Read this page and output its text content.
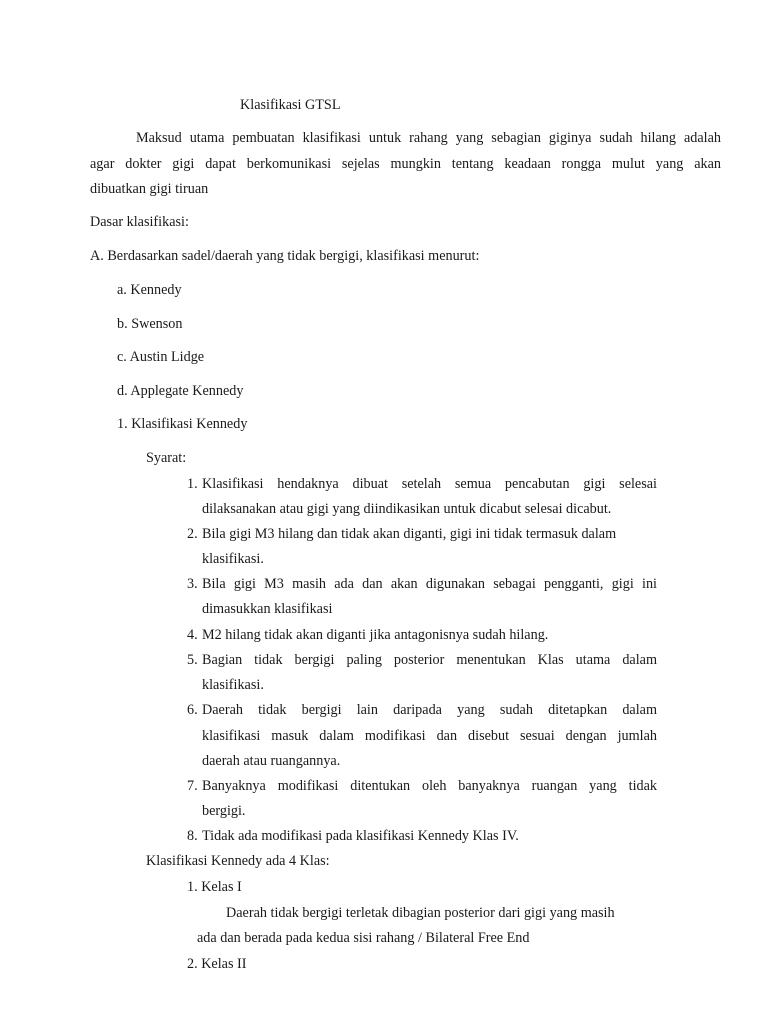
Klasifikasi GTSL
Maksud utama pembuatan klasifikasi untuk rahang yang sebagian giginya sudah hilang adalah
agar dokter gigi dapat berkomunikasi sejelas mungkin tentang keadaan rongga mulut yang akan
dibuatkan gigi tiruan
Dasar klasifikasi:
A. Berdasarkan sadel/daerah yang tidak bergigi, klasifikasi menurut:
a. Kennedy
b. Swenson
c. Austin Lidge
d. Applegate Kennedy
1. Klasifikasi Kennedy
Syarat:
1. Klasifikasi hendaknya dibuat setelah semua pencabutan gigi selesai
dilaksanakan atau gigi yang diindikasikan untuk dicabut selesai dicabut.
2. Bila gigi M3 hilang dan tidak akan diganti, gigi ini tidak termasuk dalam
klasifikasi.
3. Bila gigi M3 masih ada dan akan digunakan sebagai pengganti, gigi ini
dimasukkan klasifikasi
4. M2 hilang tidak akan diganti jika antagonisnya sudah hilang.
5. Bagian tidak bergigi paling posterior menentukan Klas utama dalam
klasifikasi.
6. Daerah tidak bergigi lain daripada yang sudah ditetapkan dalam
klasifikasi masuk dalam modifikasi dan disebut sesuai dengan jumlah
daerah atau ruangannya.
7. Banyaknya modifikasi ditentukan oleh banyaknya ruangan yang tidak
bergigi.
8. Tidak ada modifikasi pada klasifikasi Kennedy Klas IV.
Klasifikasi Kennedy ada 4 Klas:
1. Kelas I
Daerah tidak bergigi terletak dibagian posterior dari gigi yang masih
ada dan berada pada kedua sisi rahang / Bilateral Free End
2. Kelas II
